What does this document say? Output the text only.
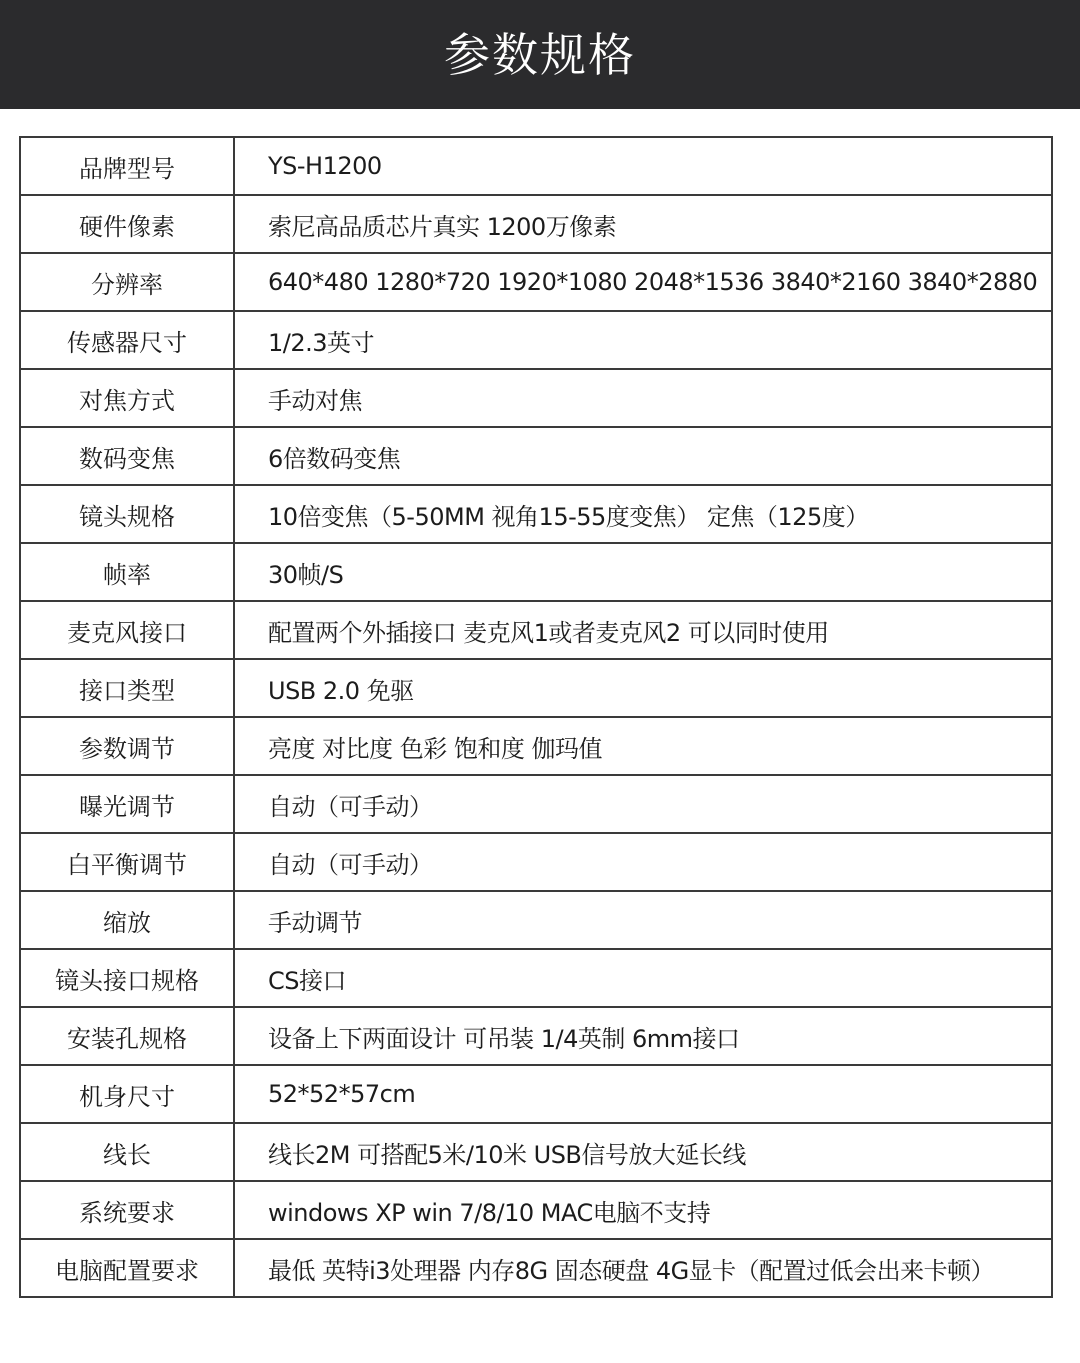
参数规格
品牌型号	YS-H1200
硬件像素	索尼高品质芯片真实 1200万像素
分辨率	640*480 1280*720 1920*1080 2048*1536 3840*2160 3840*2880
传感器尺寸	1/2.3英寸
对焦方式	手动对焦
数码变焦	6倍数码变焦
镜头规格	10倍变焦（5-50MM 视角15-55度变焦） 定焦（125度）
帧率	30帧/S
麦克风接口	配置两个外插接口 麦克风1或者麦克风2 可以同时使用
接口类型	USB 2.0 免驱
参数调节	亮度 对比度 色彩 饱和度 伽玛值
曝光调节	自动（可手动）
白平衡调节	自动（可手动）
缩放	手动调节
镜头接口规格	CS接口
安装孔规格	设备上下两面设计 可吊装 1/4英制 6mm接口
机身尺寸	52*52*57cm
线长	线长2M 可搭配5米/10米 USB信号放大延长线
系统要求	windows XP win 7/8/10 MAC电脑不支持
电脑配置要求	最低 英特i3处理器 内存8G 固态硬盘 4G显卡（配置过低会出来卡顿）
